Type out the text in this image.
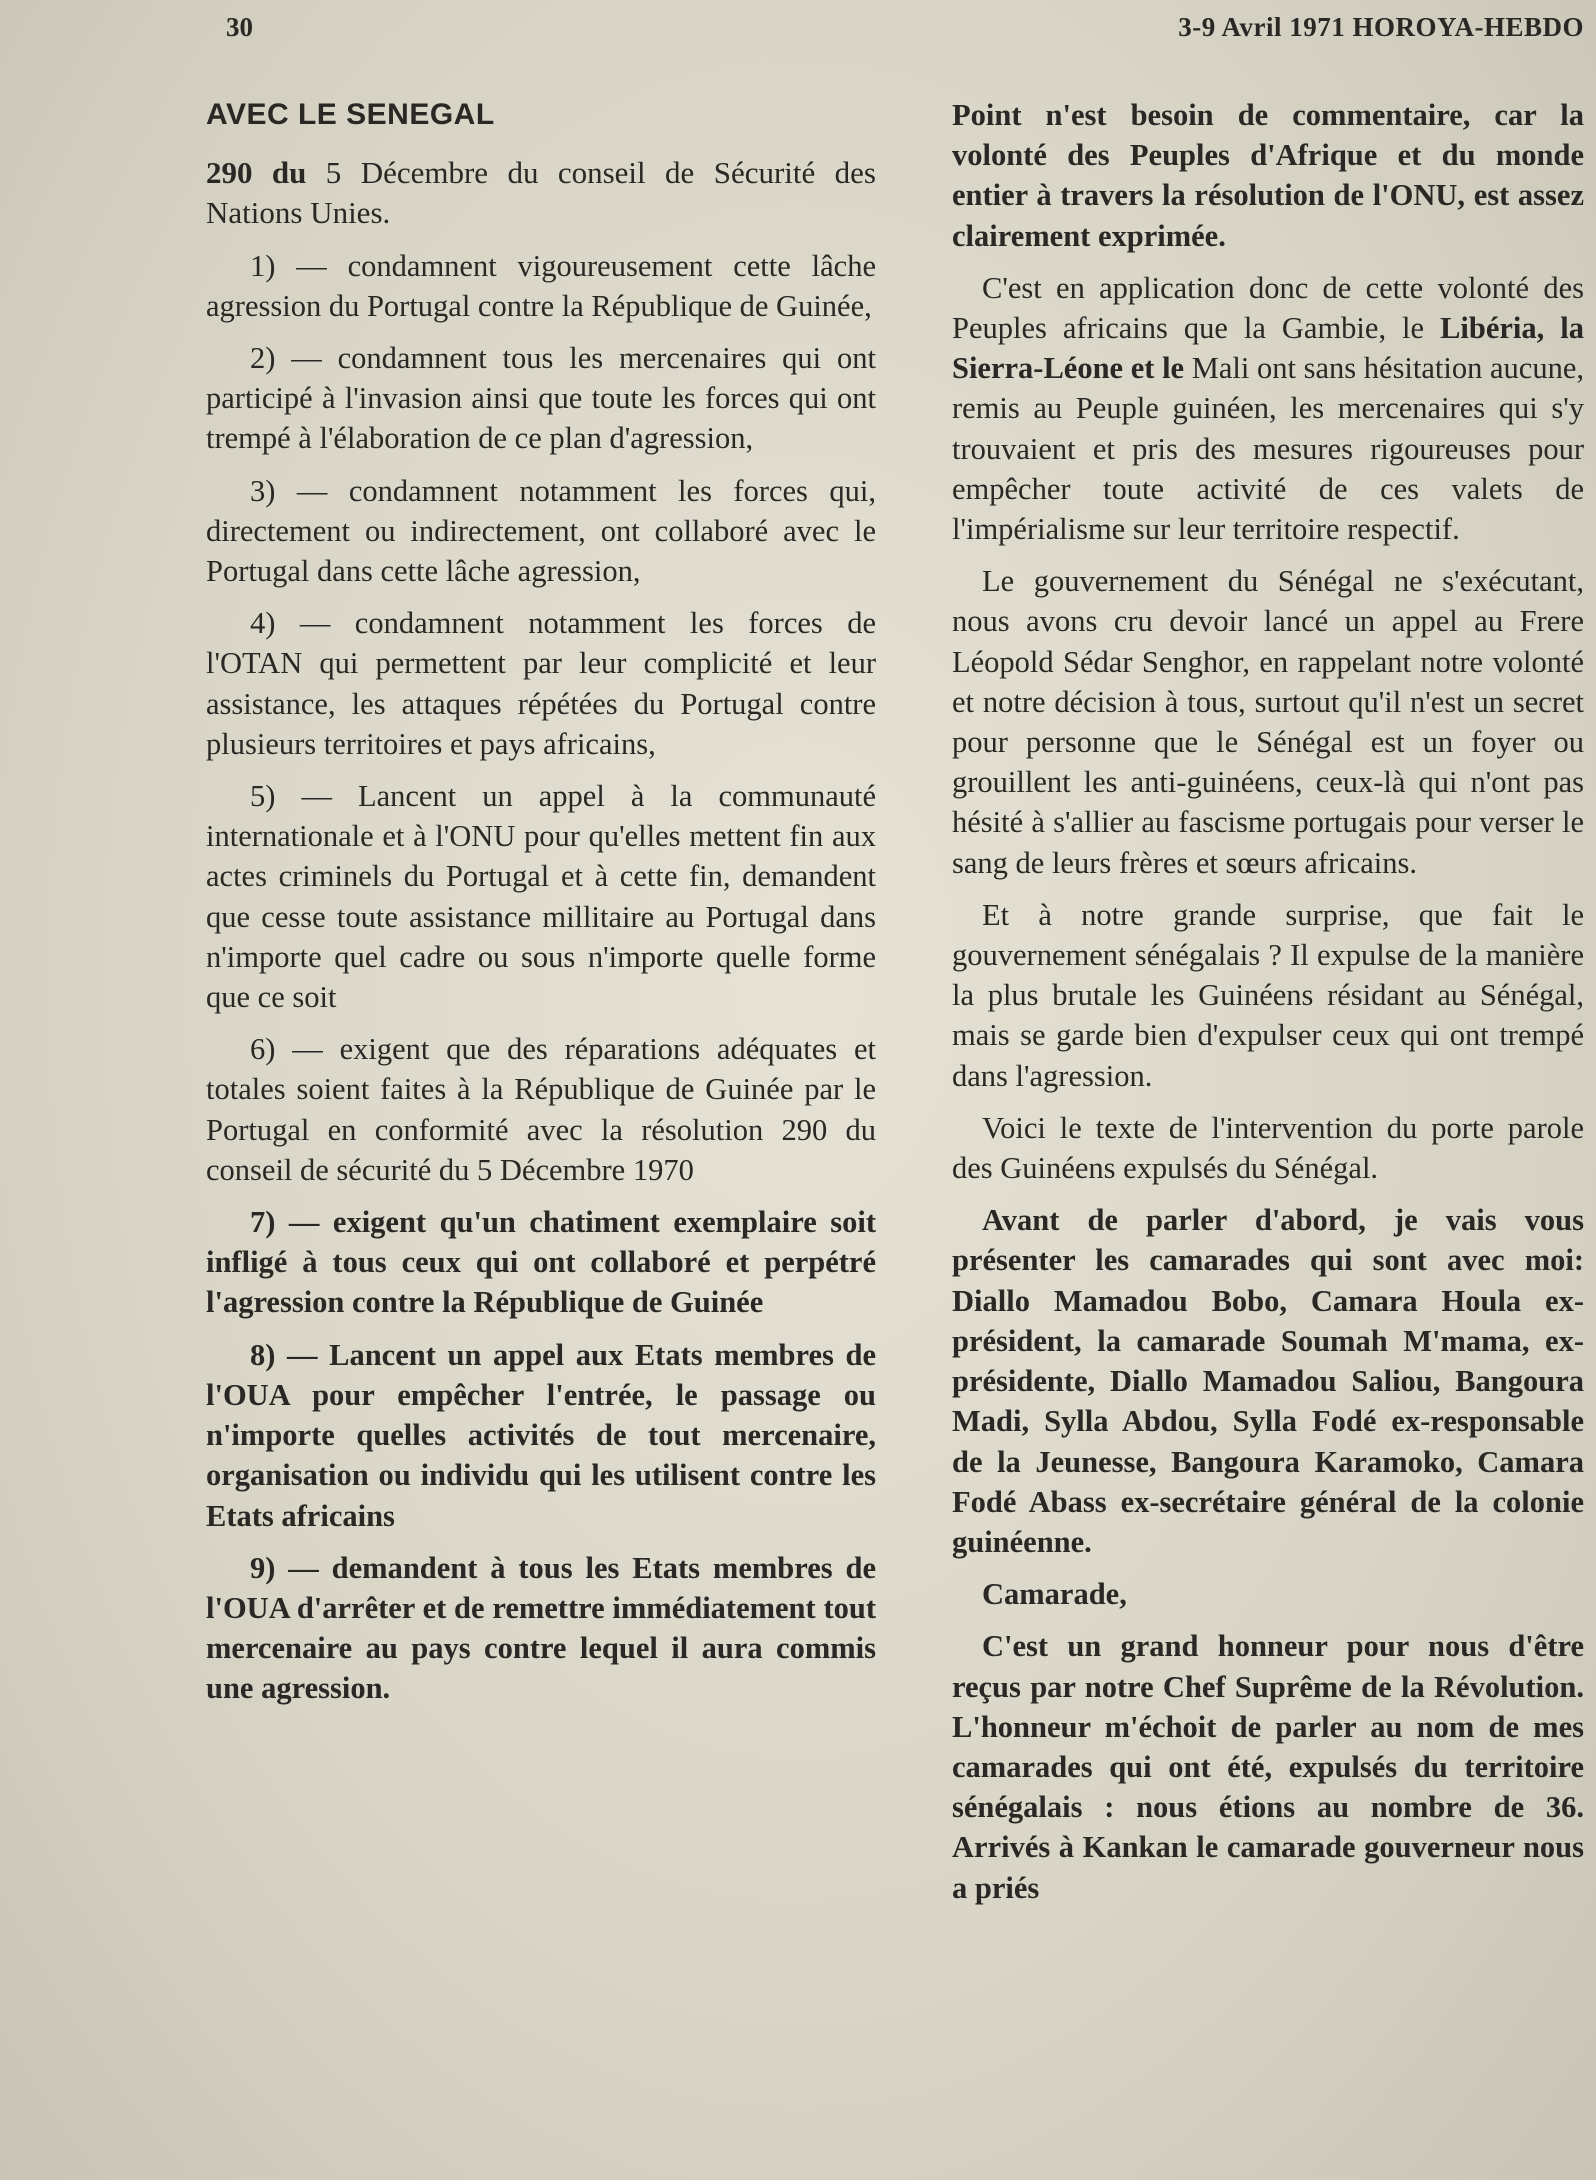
30	3-9 Avril 1971 HOROYA-HEBDO

AVEC LE SENEGAL

290 du 5 Décembre du conseil de Sécurité des Nations Unies.

1) — condamnent vigoureusement cette lâche agression du Portugal contre la République de Guinée,

2) — condamnent tous les mercenaires qui ont participé à l'invasion ainsi que toute les forces qui ont trempé à l'élaboration de ce plan d'agression,

3) — condamnent notamment les forces qui, directement ou indirectement, ont collaboré avec le Portugal dans cette lâche agression,

4) — condamnent notamment les forces de l'OTAN qui permettent par leur complicité et leur assistance, les attaques répétées du Portugal contre plusieurs territoires et pays africains,

5) — Lancent un appel à la communauté internationale et à l'ONU pour qu'elles mettent fin aux actes criminels du Portugal et à cette fin, demandent que cesse toute assistance millitaire au Portugal dans n'importe quel cadre ou sous n'importe quelle forme que ce soit

6) — exigent que des réparations adéquates et totales soient faites à la République de Guinée par le Portugal en conformité avec la résolution 290 du conseil de sécurité du 5 Décembre 1970

7) — exigent qu'un chatiment exemplaire soit infligé à tous ceux qui ont collaboré et perpétré l'agression contre la République de Guinée

8) — Lancent un appel aux Etats membres de l'OUA pour empêcher l'entrée, le passage ou n'importe quelles activités de tout mercenaire, organisation ou individu qui les utilisent contre les Etats africains

9) — demandent à tous les Etats membres de l'OUA d'arrêter et de remettre immédiatement tout mercenaire au pays contre lequel il aura commis une agression.

Point n'est besoin de commentaire, car la volonté des Peuples d'Afrique et du monde entier à travers la résolution de l'ONU, est assez clairement exprimée.

C'est en application donc de cette volonté des Peuples africains que la Gambie, le Libéria, la Sierra-Léone et le Mali ont sans hésitation aucune, remis au Peuple guinéen, les mercenaires qui s'y trouvaient et pris des mesures rigoureuses pour empêcher toute activité de ces valets de l'impérialisme sur leur territoire respectif.

Le gouvernement du Sénégal ne s'exécutant, nous avons cru devoir lancé un appel au Frere Léopold Sédar Senghor, en rappelant notre volonté et notre décision à tous, surtout qu'il n'est un secret pour personne que le Sénégal est un foyer ou grouillent les anti-guinéens, ceux-là qui n'ont pas hésité à s'allier au fascisme portugais pour verser le sang de leurs frères et sœurs africains.

Et à notre grande surprise, que fait le gouvernement sénégalais ? Il expulse de la manière la plus brutale les Guinéens résidant au Sénégal, mais se garde bien d'expulser ceux qui ont trempé dans l'agression.

Voici le texte de l'intervention du porte parole des Guinéens expulsés du Sénégal.

Avant de parler d'abord, je vais vous présenter les camarades qui sont avec moi: Diallo Mamadou Bobo, Camara Houla ex-président, la camarade Soumah M'mama, ex-présidente, Diallo Mamadou Saliou, Bangoura Madi, Sylla Abdou, Sylla Fodé ex-responsable de la Jeunesse, Bangoura Karamoko, Camara Fodé Abass ex-secrétaire général de la colonie guinéenne.

Camarade,

C'est un grand honneur pour nous d'être reçus par notre Chef Suprême de la Révolution. L'honneur m'échoit de parler au nom de mes camarades qui ont été, expulsés du territoire sénégalais : nous étions au nombre de 36. Arrivés à Kankan le camarade gouverneur nous a priés
